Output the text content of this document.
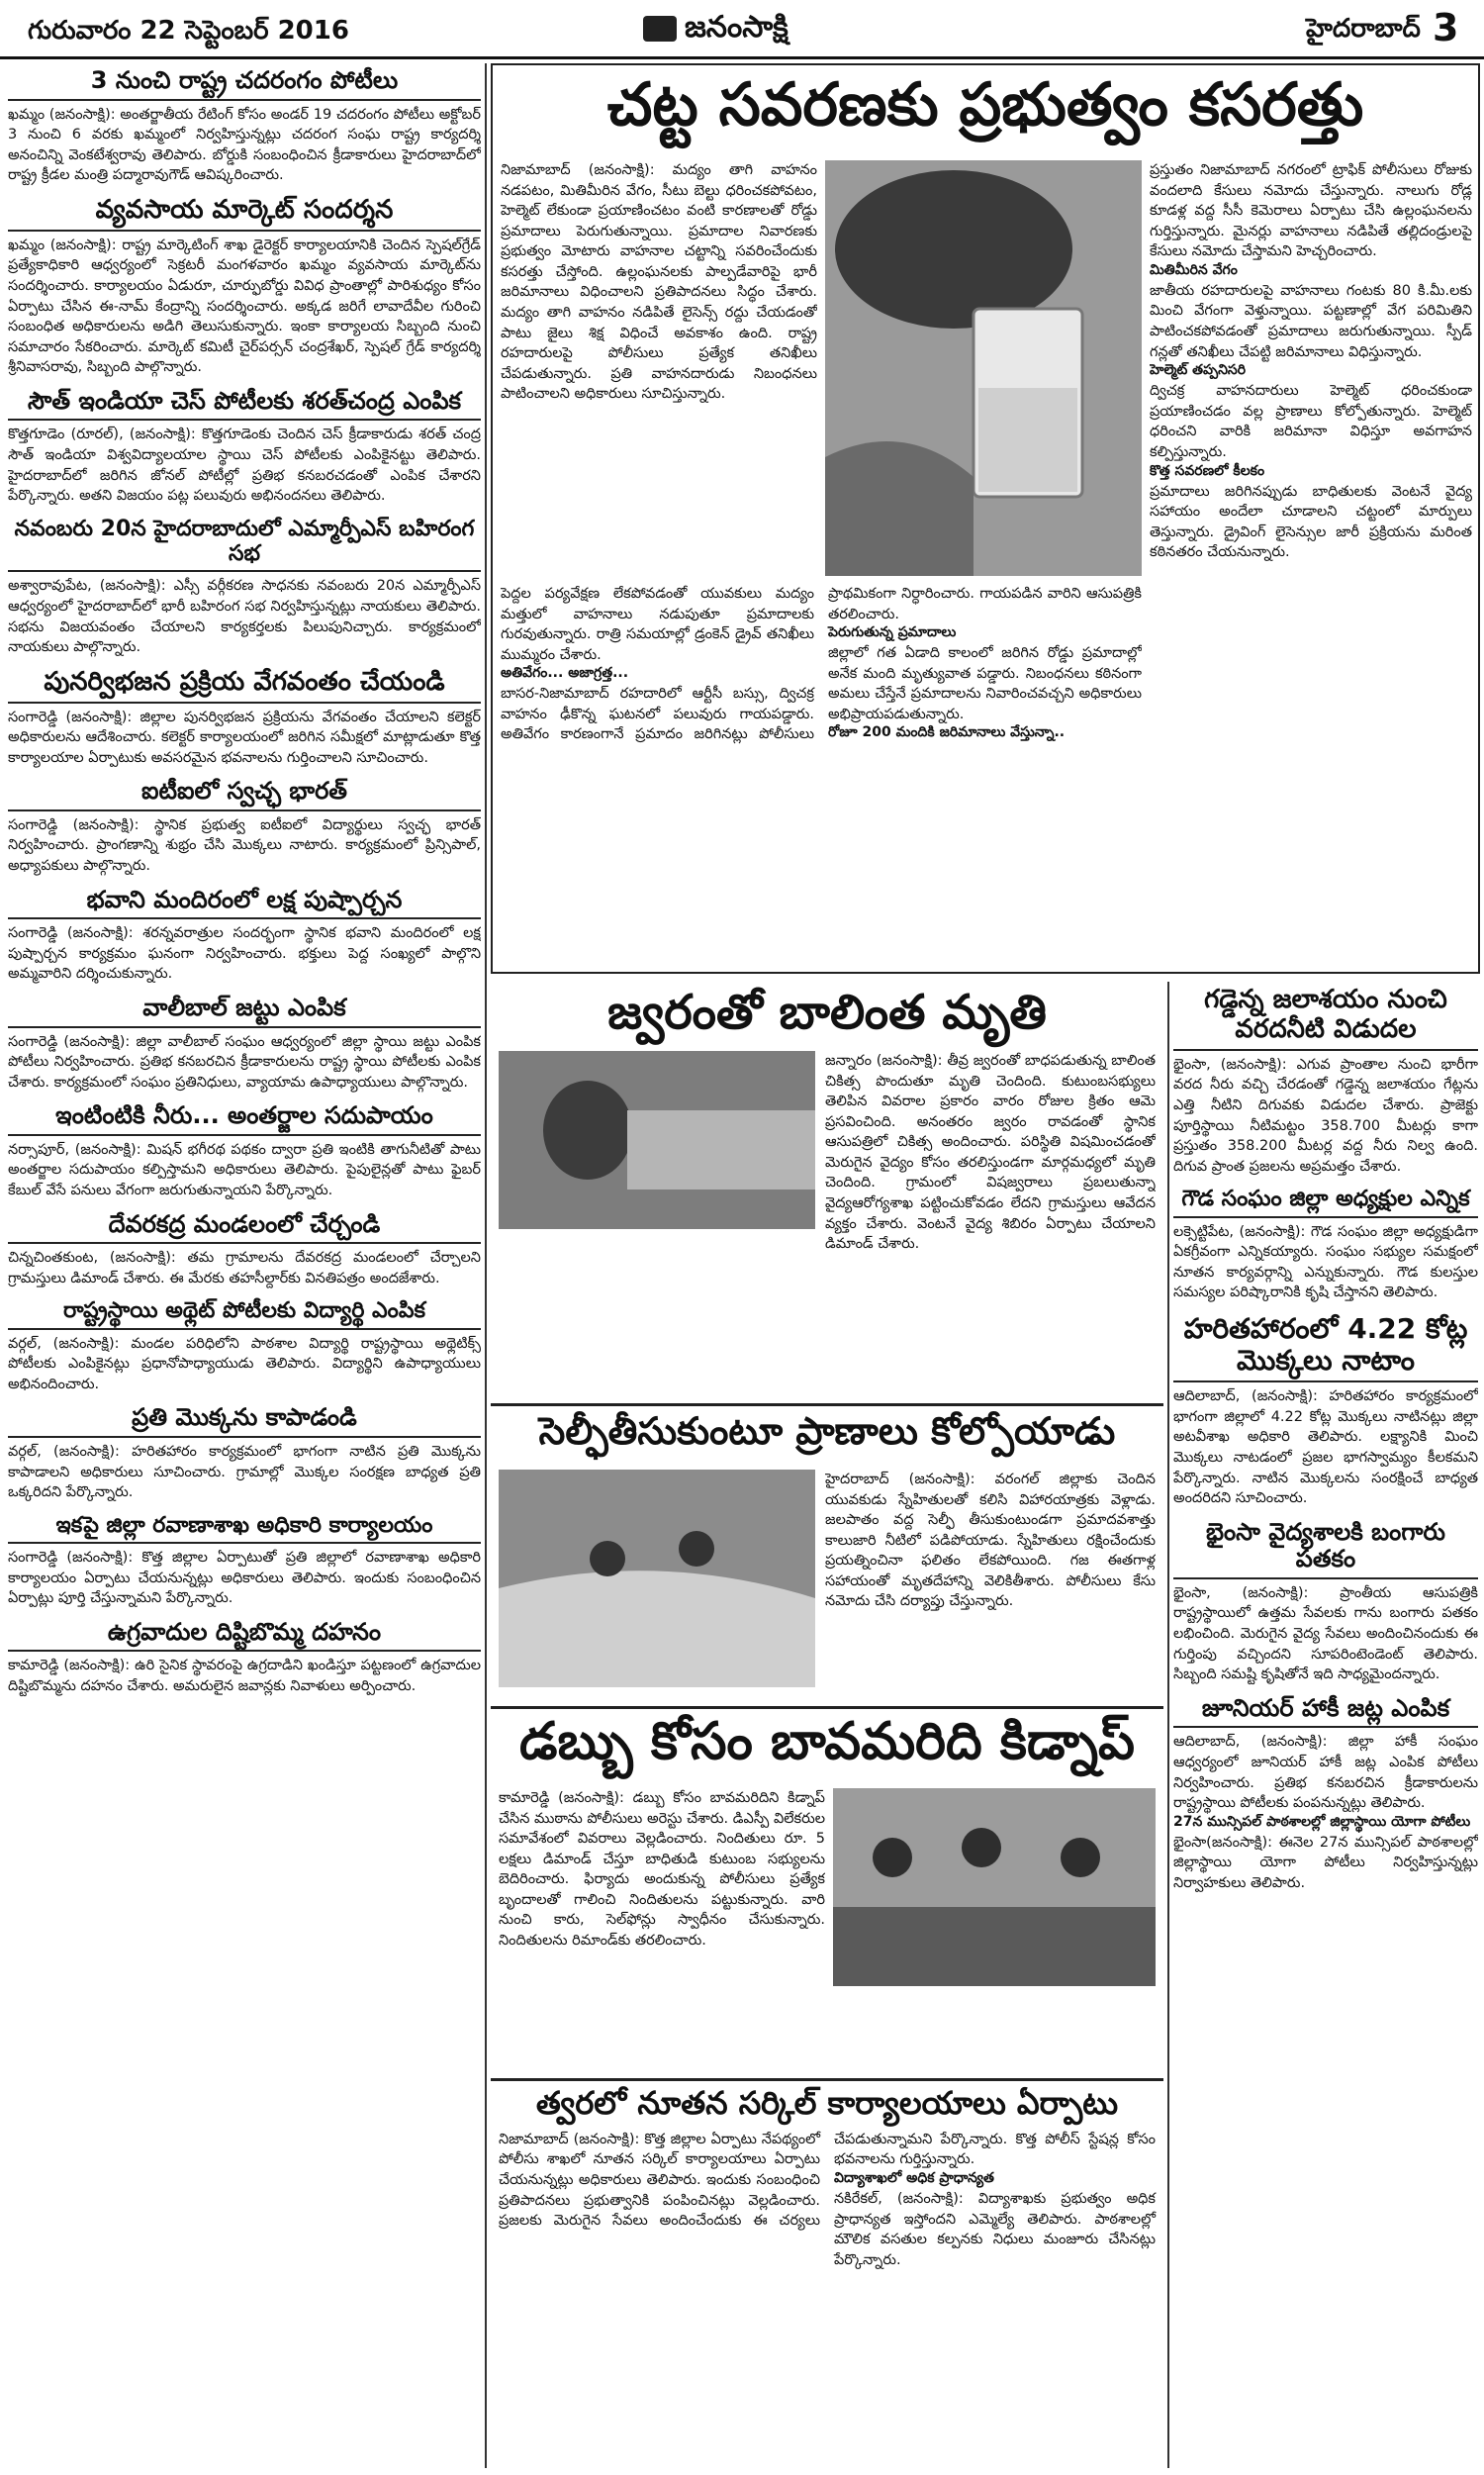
గురువారం 22 సెప్టెంబర్ 2016	జనంసాక్షి	హైదరాబాద్ 3
3 నుంచి రాష్ట్ర చదరంగం పోటీలు
ఖమ్మం (జనంసాక్షి): అంతర్జాతీయ రేటింగ్ కోసం అండర్ 19 చదరంగం పోటీలు అక్టోబర్ 3 నుంచి 6 వరకు ఖమ్మంలో నిర్వహిస్తున్నట్లు చదరంగ సంఘ రాష్ట్ర కార్యదర్శి అనంచిన్ని వెంకటేశ్వరావు తెలిపారు. బోర్డుకి సంబంధించిన క్రీడాకారులు హైదరాబాద్‌లో రాష్ట్ర క్రీడల మంత్రి పద్మారావుగౌడ్ ఆవిష్కరించారు.
వ్యవసాయ మార్కెట్ సందర్శన
ఖమ్మం (జనంసాక్షి): రాష్ట్ర మార్కెటింగ్ శాఖ డైరెక్టర్ కార్యాలయానికి చెందిన స్పెషల్‌గ్రేడ్ ప్రత్యేకాధికారి ఆధ్వర్యంలో సెక్రటరీ మంగళవారం ఖమ్మం వ్యవసాయ మార్కెట్‌ను సందర్శించారు. కార్యాలయం ఏడురూ, చూర్ఫుబోర్డు వివిధ ప్రాంతాల్లో పారిశుధ్యం కోసం ఏర్పాటు చేసిన ఈ-నామ్ కేంద్రాన్ని సందర్శించారు. అక్కడ జరిగే లావాదేవీల గురించి సంబంధిత అధికారులను అడిగి తెలుసుకున్నారు. ఇంకా కార్యాలయ సిబ్బంది నుంచి సమాచారం సేకరించారు. మార్కెట్ కమిటీ చైర్‌పర్సన్ చంద్రశేఖర్, స్పెషల్ గ్రేడ్ కార్యదర్శి శ్రీనివాసరావు, సిబ్బంది పాల్గొన్నారు.
సౌత్ ఇండియా చెస్ పోటీలకు శరత్‌చంద్ర ఎంపిక
కొత్తగూడెం (రూరల్), (జనంసాక్షి): కొత్తగూడెంకు చెందిన చెస్ క్రీడాకారుడు శరత్ చంద్ర సౌత్ ఇండియా విశ్వవిద్యాలయాల స్థాయి చెస్ పోటీలకు ఎంపికైనట్టు తెలిపారు. హైదరాబాద్‌లో జరిగిన జోనల్ పోటీల్లో ప్రతిభ కనబరచడంతో ఎంపిక చేశారని పేర్కొన్నారు. అతని విజయం పట్ల పలువురు అభినందనలు తెలిపారు.
నవంబరు 20న హైదరాబాదులో ఎమ్మార్పీఎస్ బహిరంగ సభ
అశ్వారావుపేట, (జనంసాక్షి): ఎస్సీ వర్గీకరణ సాధనకు నవంబరు 20న ఎమ్మార్పీఎస్ ఆధ్వర్యంలో హైదరాబాద్‌లో భారీ బహిరంగ సభ నిర్వహిస్తున్నట్లు నాయకులు తెలిపారు. సభను విజయవంతం చేయాలని కార్యకర్తలకు పిలుపునిచ్చారు. కార్యక్రమంలో నాయకులు పాల్గొన్నారు.
పునర్విభజన ప్రక్రియ వేగవంతం చేయండి
సంగారెడ్డి (జనంసాక్షి): జిల్లాల పునర్విభజన ప్రక్రియను వేగవంతం చేయాలని కలెక్టర్ అధికారులను ఆదేశించారు. కలెక్టర్ కార్యాలయంలో జరిగిన సమీక్షలో మాట్లాడుతూ కొత్త కార్యాలయాల ఏర్పాటుకు అవసరమైన భవనాలను గుర్తించాలని సూచించారు.
ఐటీఐలో స్వచ్ఛ భారత్
సంగారెడ్డి (జనంసాక్షి): స్థానిక ప్రభుత్వ ఐటీఐలో విద్యార్థులు స్వచ్ఛ భారత్ నిర్వహించారు. ప్రాంగణాన్ని శుభ్రం చేసి మొక్కలు నాటారు. కార్యక్రమంలో ప్రిన్సిపాల్, అధ్యాపకులు పాల్గొన్నారు.
భవాని మందిరంలో లక్ష పుష్పార్చన
సంగారెడ్డి (జనంసాక్షి): శరన్నవరాత్రుల సందర్భంగా స్థానిక భవాని మందిరంలో లక్ష పుష్పార్చన కార్యక్రమం ఘనంగా నిర్వహించారు. భక్తులు పెద్ద సంఖ్యలో పాల్గొని అమ్మవారిని దర్శించుకున్నారు.
వాలీబాల్ జట్టు ఎంపిక
సంగారెడ్డి (జనంసాక్షి): జిల్లా వాలీబాల్ సంఘం ఆధ్వర్యంలో జిల్లా స్థాయి జట్టు ఎంపిక పోటీలు నిర్వహించారు. ప్రతిభ కనబరచిన క్రీడాకారులను రాష్ట్ర స్థాయి పోటీలకు ఎంపిక చేశారు. కార్యక్రమంలో సంఘం ప్రతినిధులు, వ్యాయామ ఉపాధ్యాయులు పాల్గొన్నారు.
ఇంటింటికి నీరు... అంతర్జాల సదుపాయం
నర్సాపూర్, (జనంసాక్షి): మిషన్ భగీరథ పథకం ద్వారా ప్రతి ఇంటికి తాగునీటితో పాటు అంతర్జాల సదుపాయం కల్పిస్తామని అధికారులు తెలిపారు. పైపులైన్లతో పాటు ఫైబర్ కేబుల్ వేసే పనులు వేగంగా జరుగుతున్నాయని పేర్కొన్నారు.
దేవరకద్ర మండలంలో చేర్చండి
చిన్నచింతకుంట, (జనంసాక్షి): తమ గ్రామాలను దేవరకద్ర మండలంలో చేర్చాలని గ్రామస్తులు డిమాండ్ చేశారు. ఈ మేరకు తహసీల్దార్‌కు వినతిపత్రం అందజేశారు.
రాష్ట్రస్థాయి అథ్లెట్ పోటీలకు విద్యార్థి ఎంపిక
వర్గల్, (జనంసాక్షి): మండల పరిధిలోని పాఠశాల విద్యార్థి రాష్ట్రస్థాయి అథ్లెటిక్స్ పోటీలకు ఎంపికైనట్లు ప్రధానోపాధ్యాయుడు తెలిపారు. విద్యార్థిని ఉపాధ్యాయులు అభినందించారు.
ప్రతి మొక్కను కాపాడండి
వర్గల్, (జనంసాక్షి): హరితహారం కార్యక్రమంలో భాగంగా నాటిన ప్రతి మొక్కను కాపాడాలని అధికారులు సూచించారు. గ్రామాల్లో మొక్కల సంరక్షణ బాధ్యత ప్రతి ఒక్కరిదని పేర్కొన్నారు.
ఇకపై జిల్లా రవాణాశాఖ అధికారి కార్యాలయం
సంగారెడ్డి (జనంసాక్షి): కొత్త జిల్లాల ఏర్పాటుతో ప్రతి జిల్లాలో రవాణాశాఖ అధికారి కార్యాలయం ఏర్పాటు చేయనున్నట్లు అధికారులు తెలిపారు. ఇందుకు సంబంధించిన ఏర్పాట్లు పూర్తి చేస్తున్నామని పేర్కొన్నారు.
ఉగ్రవాదుల దిష్టిబొమ్మ దహనం
కామారెడ్డి (జనంసాక్షి): ఉరి సైనిక స్థావరంపై ఉగ్రదాడిని ఖండిస్తూ పట్టణంలో ఉగ్రవాదుల దిష్టిబొమ్మను దహనం చేశారు. అమరులైన జవాన్లకు నివాళులు అర్పించారు.
చట్ట సవరణకు ప్రభుత్వం కసరత్తు
నిజామాబాద్ (జనంసాక్షి): మద్యం తాగి వాహనం నడపటం, మితిమీరిన వేగం, సీటు బెల్టు ధరించకపోవటం, హెల్మెట్ లేకుండా ప్రయాణించటం వంటి కారణాలతో రోడ్డు ప్రమాదాలు పెరుగుతున్నాయి. ప్రమాదాల నివారణకు ప్రభుత్వం మోటారు వాహనాల చట్టాన్ని సవరించేందుకు కసరత్తు చేస్తోంది. ఉల్లంఘనలకు పాల్పడేవారిపై భారీ జరిమానాలు విధించాలని ప్రతిపాదనలు సిద్ధం చేశారు. మద్యం తాగి వాహనం నడిపితే లైసెన్స్ రద్దు చేయడంతో పాటు జైలు శిక్ష విధించే అవకాశం ఉంది. రాష్ట్ర రహదారులపై పోలీసులు ప్రత్యేక తనిఖీలు చేపడుతున్నారు. ప్రతి వాహనదారుడు నిబంధనలు పాటించాలని అధికారులు సూచిస్తున్నారు.
ప్రస్తుతం నిజామాబాద్ నగరంలో ట్రాఫిక్ పోలీసులు రోజుకు వందలాది కేసులు నమోదు చేస్తున్నారు. నాలుగు రోడ్ల కూడళ్ల వద్ద సీసీ కెమెరాలు ఏర్పాటు చేసి ఉల్లంఘనలను గుర్తిస్తున్నారు. మైనర్లు వాహనాలు నడిపితే తల్లిదండ్రులపై కేసులు నమోదు చేస్తామని హెచ్చరించారు.
మితిమీరిన వేగం
జాతీయ రహదారులపై వాహనాలు గంటకు 80 కి.మీ.లకు మించి వేగంగా వెళ్తున్నాయి. పట్టణాల్లో వేగ పరిమితిని పాటించకపోవడంతో ప్రమాదాలు జరుగుతున్నాయి. స్పీడ్ గన్లతో తనిఖీలు చేపట్టి జరిమానాలు విధిస్తున్నారు.
హెల్మెట్ తప్పనిసరి
ద్విచక్ర వాహనదారులు హెల్మెట్ ధరించకుండా ప్రయాణించడం వల్ల ప్రాణాలు కోల్పోతున్నారు. హెల్మెట్ ధరించని వారికి జరిమానా విధిస్తూ అవగాహన కల్పిస్తున్నారు.
కొత్త సవరణలో కీలకం
ప్రమాదాలు జరిగినప్పుడు బాధితులకు వెంటనే వైద్య సహాయం అందేలా చూడాలని చట్టంలో మార్పులు తెస్తున్నారు. డ్రైవింగ్ లైసెన్సుల జారీ ప్రక్రియను మరింత కఠినతరం చేయనున్నారు.
పెద్దల పర్యవేక్షణ లేకపోవడంతో యువకులు మద్యం మత్తులో వాహనాలు నడుపుతూ ప్రమాదాలకు గురవుతున్నారు. రాత్రి సమయాల్లో డ్రంకెన్ డ్రైవ్ తనిఖీలు ముమ్మరం చేశారు.
అతివేగం... అజాగ్రత్త...
బాసర-నిజామాబాద్ రహదారిలో ఆర్టీసీ బస్సు, ద్విచక్ర వాహనం ఢీకొన్న ఘటనలో పలువురు గాయపడ్డారు. అతివేగం కారణంగానే ప్రమాదం జరిగినట్లు పోలీసులు ప్రాథమికంగా నిర్ధారించారు. గాయపడిన వారిని ఆసుపత్రికి తరలించారు.
పెరుగుతున్న ప్రమాదాలు
జిల్లాలో గత ఏడాది కాలంలో జరిగిన రోడ్డు ప్రమాదాల్లో అనేక మంది మృత్యువాత పడ్డారు. నిబంధనలు కఠినంగా అమలు చేస్తేనే ప్రమాదాలను నివారించవచ్చని అధికారులు అభిప్రాయపడుతున్నారు.
రోజూ 200 మందికి జరిమానాలు వేస్తున్నా..
జ్వరంతో బాలింత మృతి
జన్నారం (జనంసాక్షి): తీవ్ర జ్వరంతో బాధపడుతున్న బాలింత చికిత్స పొందుతూ మృతి చెందింది. కుటుంబసభ్యులు తెలిపిన వివరాల ప్రకారం వారం రోజుల క్రితం ఆమె ప్రసవించింది. అనంతరం జ్వరం రావడంతో స్థానిక ఆసుపత్రిలో చికిత్స అందించారు. పరిస్థితి విషమించడంతో మెరుగైన వైద్యం కోసం తరలిస్తుండగా మార్గమధ్యలో మృతి చెందింది. గ్రామంలో విషజ్వరాలు ప్రబలుతున్నా వైద్యఆరోగ్యశాఖ పట్టించుకోవడం లేదని గ్రామస్తులు ఆవేదన వ్యక్తం చేశారు. వెంటనే వైద్య శిబిరం ఏర్పాటు చేయాలని డిమాండ్ చేశారు.
సెల్ఫీతీసుకుంటూ ప్రాణాలు కోల్పోయాడు
హైదరాబాద్ (జనంసాక్షి): వరంగల్ జిల్లాకు చెందిన యువకుడు స్నేహితులతో కలిసి విహారయాత్రకు వెళ్లాడు. జలపాతం వద్ద సెల్ఫీ తీసుకుంటుండగా ప్రమాదవశాత్తు కాలుజారి నీటిలో పడిపోయాడు. స్నేహితులు రక్షించేందుకు ప్రయత్నించినా ఫలితం లేకపోయింది. గజ ఈతగాళ్ల సహాయంతో మృతదేహాన్ని వెలికితీశారు. పోలీసులు కేసు నమోదు చేసి దర్యాప్తు చేస్తున్నారు.
డబ్బు కోసం బావమరిది కిడ్నాప్
కామారెడ్డి (జనంసాక్షి): డబ్బు కోసం బావమరిదిని కిడ్నాప్ చేసిన ముఠాను పోలీసులు అరెస్టు చేశారు. డిఎస్పీ విలేకరుల సమావేశంలో వివరాలు వెల్లడించారు. నిందితులు రూ. 5 లక్షలు డిమాండ్ చేస్తూ బాధితుడి కుటుంబ సభ్యులను బెదిరించారు. ఫిర్యాదు అందుకున్న పోలీసులు ప్రత్యేక బృందాలతో గాలించి నిందితులను పట్టుకున్నారు. వారి నుంచి కారు, సెల్‌ఫోన్లు స్వాధీనం చేసుకున్నారు. నిందితులను రిమాండ్‌కు తరలించారు.
త్వరలో నూతన సర్కిల్ కార్యాలయాలు ఏర్పాటు
నిజామాబాద్ (జనంసాక్షి): కొత్త జిల్లాల ఏర్పాటు నేపథ్యంలో పోలీసు శాఖలో నూతన సర్కిల్ కార్యాలయాలు ఏర్పాటు చేయనున్నట్లు అధికారులు తెలిపారు. ఇందుకు సంబంధించి ప్రతిపాదనలు ప్రభుత్వానికి పంపించినట్లు వెల్లడించారు. ప్రజలకు మెరుగైన సేవలు అందించేందుకు ఈ చర్యలు చేపడుతున్నామని పేర్కొన్నారు. కొత్త పోలీస్ స్టేషన్ల కోసం భవనాలను గుర్తిస్తున్నారు.
విద్యాశాఖలో అధిక ప్రాధాన్యత
నకిరేకల్, (జనంసాక్షి): విద్యాశాఖకు ప్రభుత్వం అధిక ప్రాధాన్యత ఇస్తోందని ఎమ్మెల్యే తెలిపారు. పాఠశాలల్లో మౌలిక వసతుల కల్పనకు నిధులు మంజూరు చేసినట్లు పేర్కొన్నారు.
గడ్డెన్న జలాశయం నుంచి వరదనీటి విడుదల
భైంసా, (జనంసాక్షి): ఎగువ ప్రాంతాల నుంచి భారీగా వరద నీరు వచ్చి చేరడంతో గడ్డెన్న జలాశయం గేట్లను ఎత్తి నీటిని దిగువకు విడుదల చేశారు. ప్రాజెక్టు పూర్తిస్థాయి నీటిమట్టం 358.700 మీటర్లు కాగా ప్రస్తుతం 358.200 మీటర్ల వద్ద నీరు నిల్వ ఉంది. దిగువ ప్రాంత ప్రజలను అప్రమత్తం చేశారు.
గౌడ సంఘం జిల్లా అధ్యక్షుల ఎన్నిక
లక్సెట్టిపేట, (జనంసాక్షి): గౌడ సంఘం జిల్లా అధ్యక్షుడిగా ఏకగ్రీవంగా ఎన్నికయ్యారు. సంఘం సభ్యుల సమక్షంలో నూతన కార్యవర్గాన్ని ఎన్నుకున్నారు. గౌడ కులస్తుల సమస్యల పరిష్కారానికి కృషి చేస్తానని తెలిపారు.
హరితహారంలో 4.22 కోట్ల మొక్కలు నాటాం
ఆదిలాబాద్, (జనంసాక్షి): హరితహారం కార్యక్రమంలో భాగంగా జిల్లాలో 4.22 కోట్ల మొక్కలు నాటినట్లు జిల్లా అటవీశాఖ అధికారి తెలిపారు. లక్ష్యానికి మించి మొక్కలు నాటడంలో ప్రజల భాగస్వామ్యం కీలకమని పేర్కొన్నారు. నాటిన మొక్కలను సంరక్షించే బాధ్యత అందరిదని సూచించారు.
భైంసా వైద్యశాలకి బంగారు పతకం
భైంసా, (జనంసాక్షి): ప్రాంతీయ ఆసుపత్రికి రాష్ట్రస్థాయిలో ఉత్తమ సేవలకు గాను బంగారు పతకం లభించింది. మెరుగైన వైద్య సేవలు అందించినందుకు ఈ గుర్తింపు వచ్చిందని సూపరింటెండెంట్ తెలిపారు. సిబ్బంది సమష్టి కృషితోనే ఇది సాధ్యమైందన్నారు.
జూనియర్ హాకీ జట్ల ఎంపిక
ఆదిలాబాద్, (జనంసాక్షి): జిల్లా హాకీ సంఘం ఆధ్వర్యంలో జూనియర్ హాకీ జట్ల ఎంపిక పోటీలు నిర్వహించారు. ప్రతిభ కనబరచిన క్రీడాకారులను రాష్ట్రస్థాయి పోటీలకు పంపనున్నట్లు తెలిపారు.
27న మున్సిపల్ పాఠశాలల్లో జిల్లాస్థాయి యోగా పోటీలు
భైంసా(జనంసాక్షి): ఈనెల 27న మున్సిపల్ పాఠశాలల్లో జిల్లాస్థాయి యోగా పోటీలు నిర్వహిస్తున్నట్లు నిర్వాహకులు తెలిపారు.
